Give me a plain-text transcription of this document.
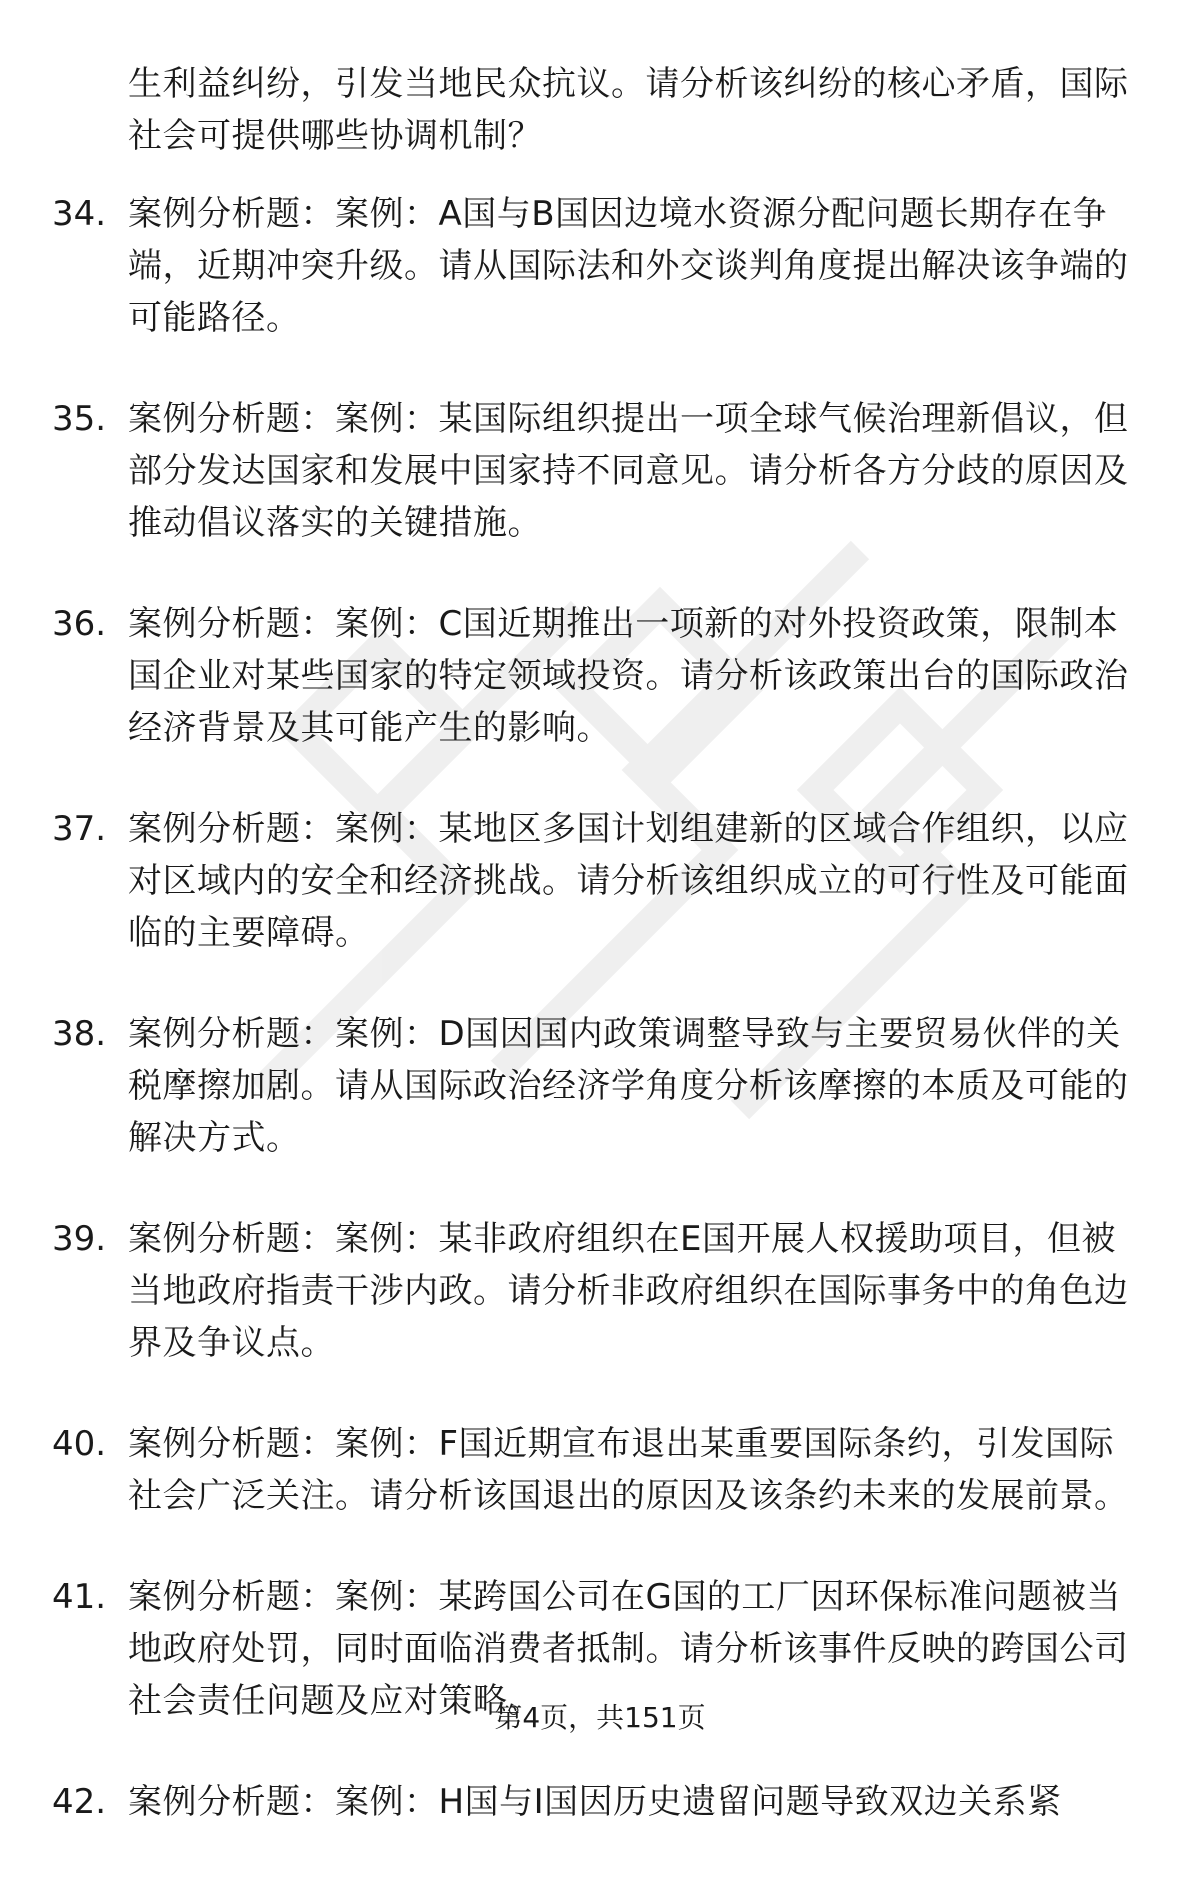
生利益纠纷，引发当地民众抗议。请分析该纠纷的核心矛盾，国际社会可提供哪些协调机制？
34. 案例分析题：案例：A国与B国因边境水资源分配问题长期存在争端，近期冲突升级。请从国际法和外交谈判角度提出解决该争端的可能路径。
35. 案例分析题：案例：某国际组织提出一项全球气候治理新倡议，但部分发达国家和发展中国家持不同意见。请分析各方分歧的原因及推动倡议落实的关键措施。
36. 案例分析题：案例：C国近期推出一项新的对外投资政策，限制本国企业对某些国家的特定领域投资。请分析该政策出台的国际政治经济背景及其可能产生的影响。
37. 案例分析题：案例：某地区多国计划组建新的区域合作组织，以应对区域内的安全和经济挑战。请分析该组织成立的可行性及可能面临的主要障碍。
38. 案例分析题：案例：D国因国内政策调整导致与主要贸易伙伴的关税摩擦加剧。请从国际政治经济学角度分析该摩擦的本质及可能的解决方式。
39. 案例分析题：案例：某非政府组织在E国开展人权援助项目，但被当地政府指责干涉内政。请分析非政府组织在国际事务中的角色边界及争议点。
40. 案例分析题：案例：F国近期宣布退出某重要国际条约，引发国际社会广泛关注。请分析该国退出的原因及该条约未来的发展前景。
41. 案例分析题：案例：某跨国公司在G国的工厂因环保标准问题被当地政府处罚，同时面临消费者抵制。请分析该事件反映的跨国公司社会责任问题及应对策略。
42. 案例分析题：案例：H国与I国因历史遗留问题导致双边关系紧
第4页，共151页
